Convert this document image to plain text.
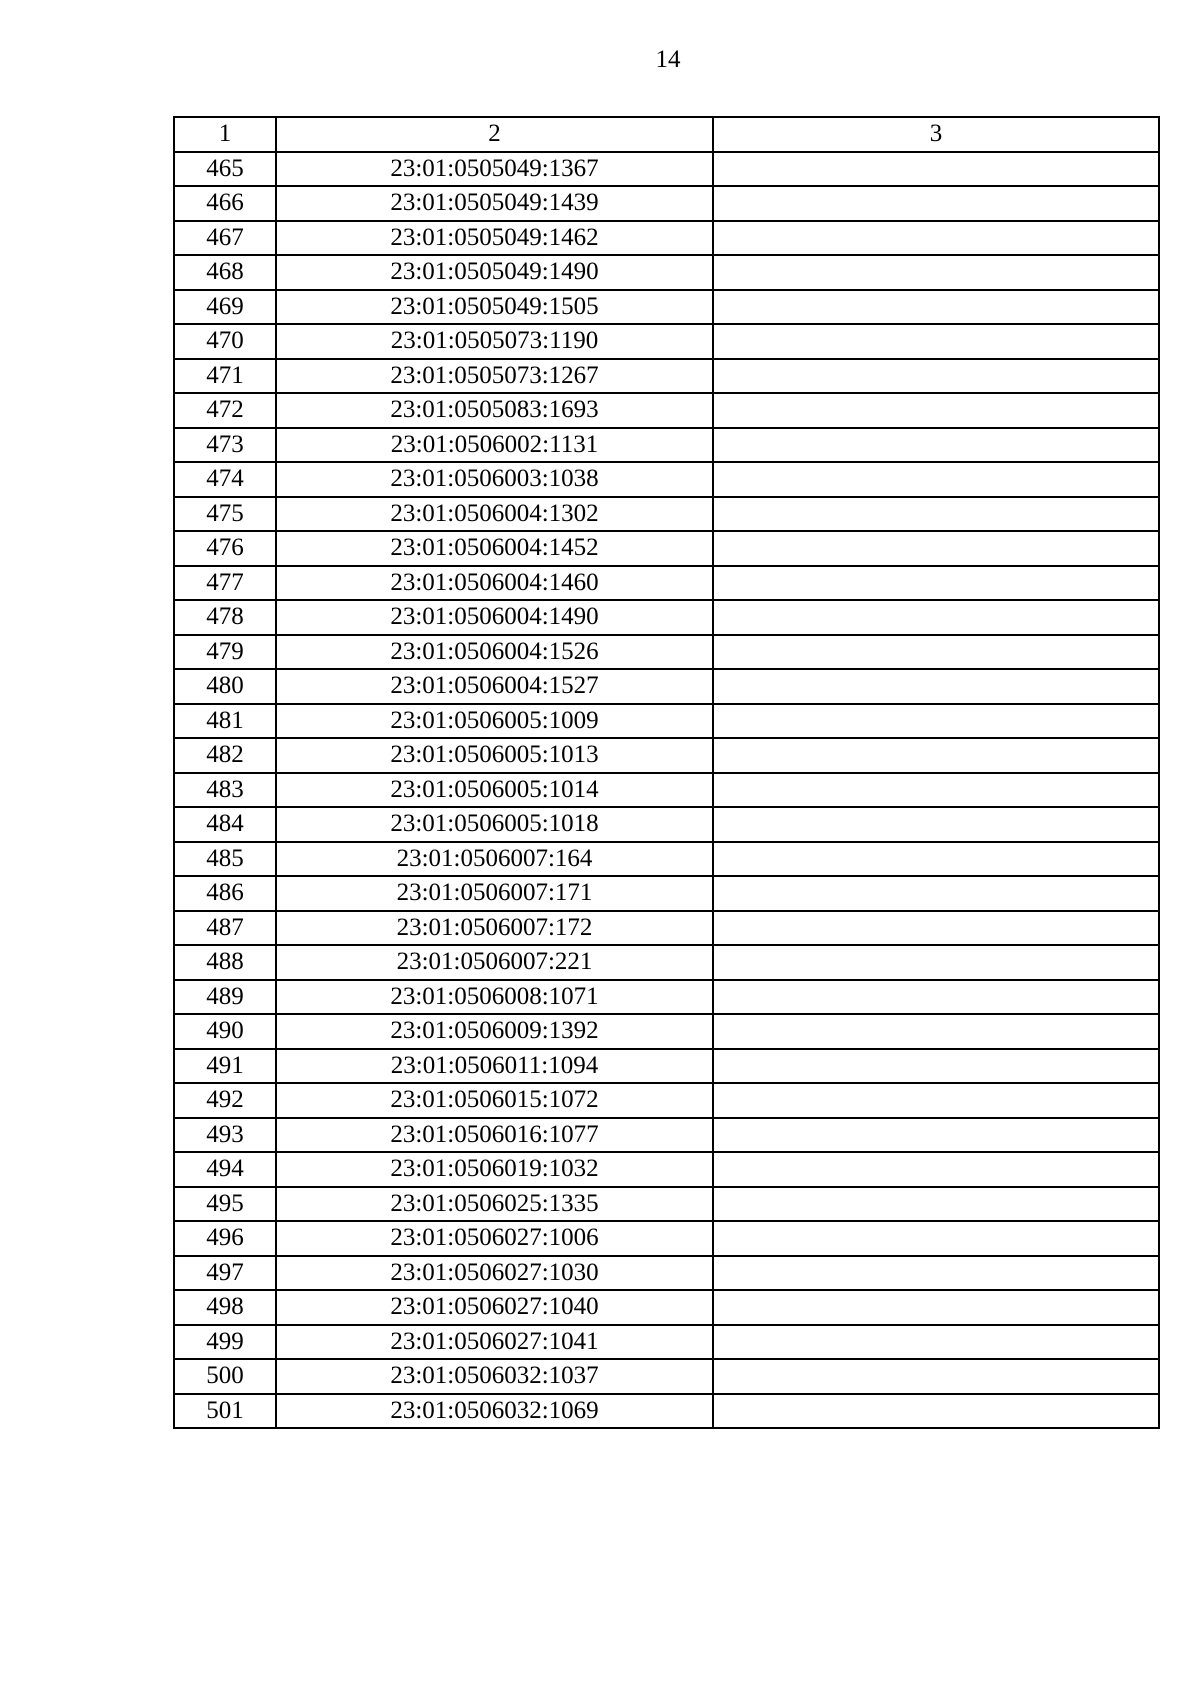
14
1	2	3
465	23:01:0505049:1367	
466	23:01:0505049:1439	
467	23:01:0505049:1462	
468	23:01:0505049:1490	
469	23:01:0505049:1505	
470	23:01:0505073:1190	
471	23:01:0505073:1267	
472	23:01:0505083:1693	
473	23:01:0506002:1131	
474	23:01:0506003:1038	
475	23:01:0506004:1302	
476	23:01:0506004:1452	
477	23:01:0506004:1460	
478	23:01:0506004:1490	
479	23:01:0506004:1526	
480	23:01:0506004:1527	
481	23:01:0506005:1009	
482	23:01:0506005:1013	
483	23:01:0506005:1014	
484	23:01:0506005:1018	
485	23:01:0506007:164	
486	23:01:0506007:171	
487	23:01:0506007:172	
488	23:01:0506007:221	
489	23:01:0506008:1071	
490	23:01:0506009:1392	
491	23:01:0506011:1094	
492	23:01:0506015:1072	
493	23:01:0506016:1077	
494	23:01:0506019:1032	
495	23:01:0506025:1335	
496	23:01:0506027:1006	
497	23:01:0506027:1030	
498	23:01:0506027:1040	
499	23:01:0506027:1041	
500	23:01:0506032:1037	
501	23:01:0506032:1069	
